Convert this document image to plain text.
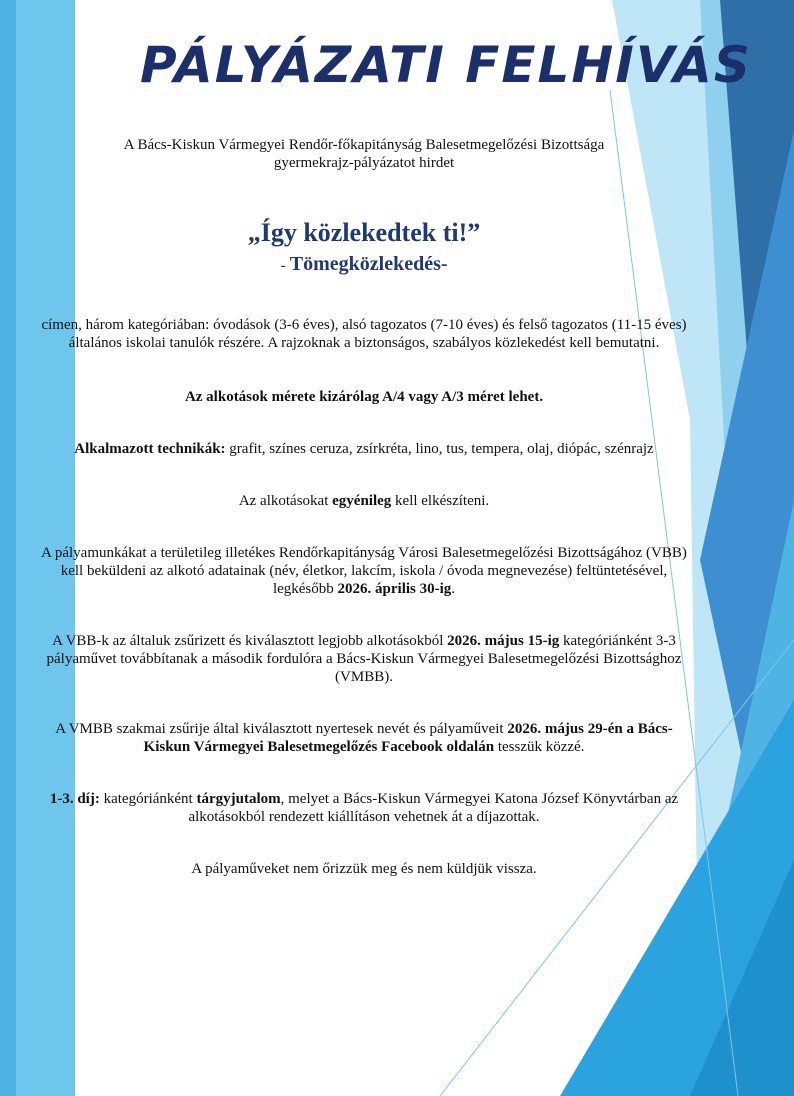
PÁLYÁZATI FELHÍVÁS

A Bács-Kiskun Vármegyei Rendőr-főkapitányság Balesetmegelőzési Bizottsága
gyermekrajz-pályázatot hirdet

„Így közlekedtek ti!”

- Tömegközlekedés-

címen, három kategóriában: óvodások (3-6 éves), alsó tagozatos (7-10 éves) és felső tagozatos (11-15 éves) általános iskolai tanulók részére. A rajzoknak a biztonságos, szabályos közlekedést kell bemutatni.

Az alkotások mérete kizárólag A/4 vagy A/3 méret lehet.

Alkalmazott technikák: grafit, színes ceruza, zsírkréta, lino, tus, tempera, olaj, diópác, szénrajz

Az alkotásokat egyénileg kell elkészíteni.

A pályamunkákat a területileg illetékes Rendőrkapitányság Városi Balesetmegelőzési Bizottságához (VBB) kell beküldeni az alkotó adatainak (név, életkor, lakcím, iskola / óvoda megnevezése) feltüntetésével, legkésőbb 2026. április 30-ig.

A VBB-k az általuk zsűrizett és kiválasztott legjobb alkotásokból 2026. május 15-ig kategóriánként 3-3 pályaművet továbbítanak a második fordulóra a Bács-Kiskun Vármegyei Balesetmegelőzési Bizottsághoz (VMBB).

A VMBB szakmai zsűrije által kiválasztott nyertesek nevét és pályaműveit 2026. május 29-én a Bács-Kiskun Vármegyei Balesetmegelőzés Facebook oldalán tesszük közzé.

1-3. díj: kategóriánként tárgyjutalom, melyet a Bács-Kiskun Vármegyei Katona József Könyvtárban az alkotásokból rendezett kiállításon vehetnek át a díjazottak.

A pályaműveket nem őrizzük meg és nem küldjük vissza.
